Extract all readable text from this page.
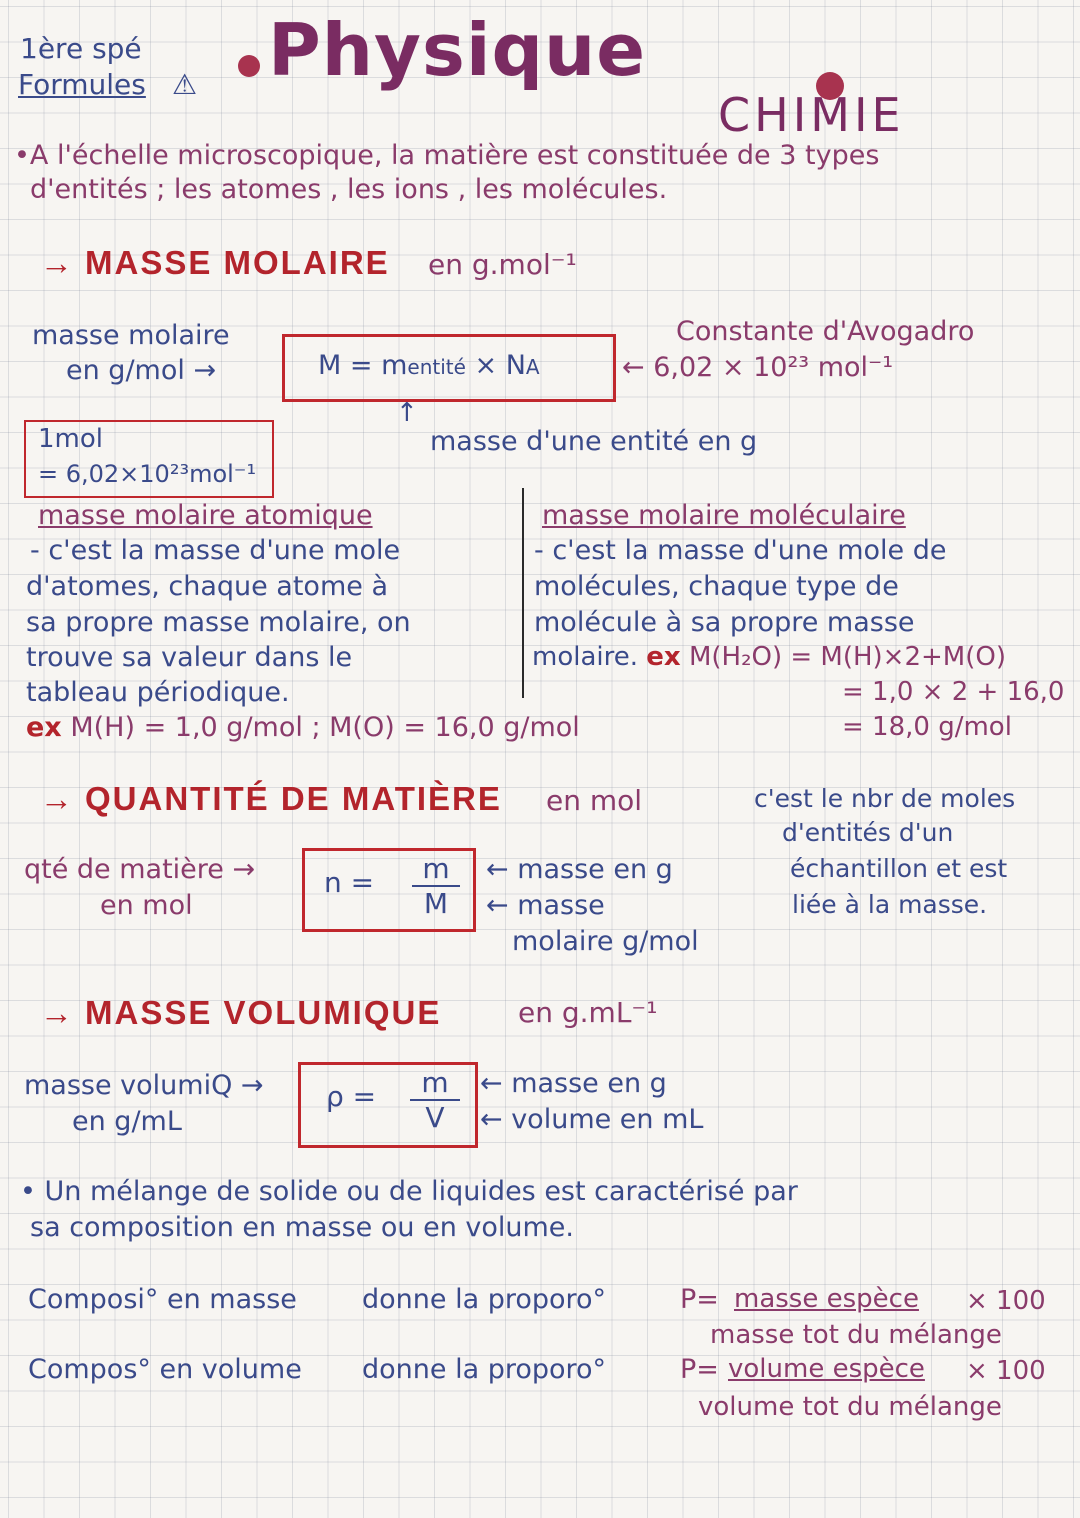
1ère spé
Formules ⚠ Physique
CHIMIE
•A l'échelle microscopique, la matière est constituée de 3 types
d'entités ; les atomes , les ions , les molécules.
→ MASSE MOLAIRE en g.mol⁻¹
masse molaire
en g/mol →	M = mentité × NA
Constante d'Avogadro
← 6,02 × 10²³ mol⁻¹
↑
masse d'une entité en g
1mol
= 6,02×10²³mol⁻¹
masse molaire atomique
- c'est la masse d'une mole
d'atomes, chaque atome à
sa propre masse molaire, on
trouve sa valeur dans le
tableau périodique.
ex M(H) = 1,0 g/mol ; M(O) = 16,0 g/mol
masse molaire moléculaire
- c'est la masse d'une mole de
molécules, chaque type de
molécule à sa propre masse
molaire. ex M(H₂O) = M(H)×2+M(O)
= 1,0 × 2 + 16,0
= 18,0 g/mol
→ QUANTITÉ DE MATIÈRE en mol	c'est le nbr de moles
d'entités d'un
échantillon et est
liée à la masse.
qté de matière →
en mol
n =	m
M
← masse en g
← masse
molaire g/mol
→ MASSE VOLUMIQUE	en g.mL⁻¹
masse volumiQ →
en g/mL
ρ =	m
V
← masse en g
← volume en mL
• Un mélange de solide ou de liquides est caractérisé par
sa composition en masse ou en volume.
Composi° en masse donne la proporo°	P= masse espèce × 100
masse tot du mélange
Compos° en volume donne la proporo°	P= volume espèce × 100
volume tot du mélange
